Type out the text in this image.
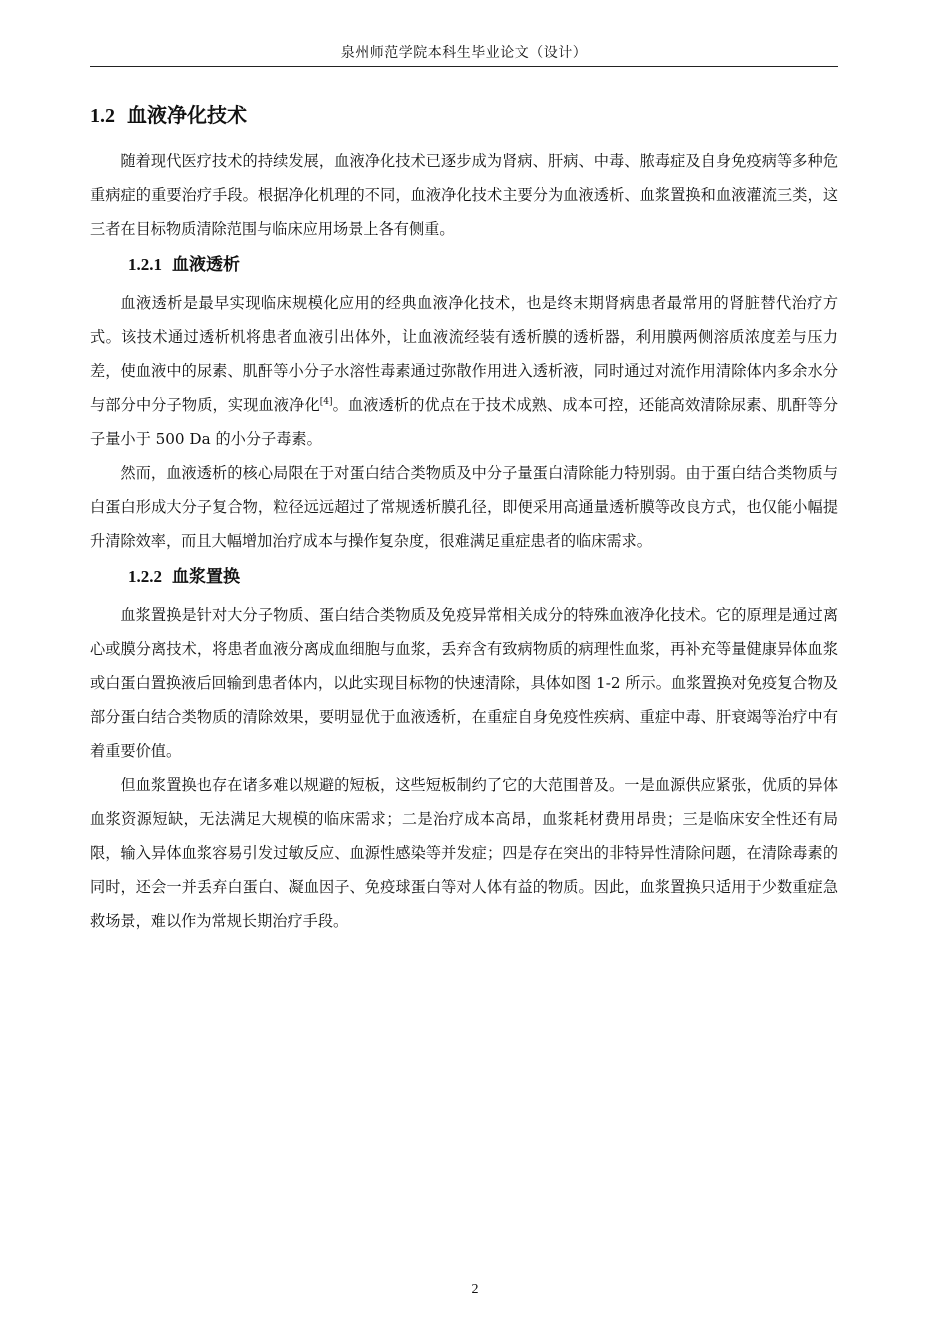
泉州师范学院本科生毕业论文（设计）
1.2 血液净化技术

随着现代医疗技术的持续发展，血液净化技术已逐步成为肾病、肝病、中毒、脓毒症及自身免疫病等多种危重病症的重要治疗手段。根据净化机理的不同，血液净化技术主要分为血液透析、血浆置换和血液灌流三类，这三者在目标物质清除范围与临床应用场景上各有侧重。

1.2.1 血液透析

血液透析是最早实现临床规模化应用的经典血液净化技术，也是终末期肾病患者最常用的肾脏替代治疗方式。该技术通过透析机将患者血液引出体外，让血液流经装有透析膜的透析器，利用膜两侧溶质浓度差与压力差，使血液中的尿素、肌酐等小分子水溶性毒素通过弥散作用进入透析液，同时通过对流作用清除体内多余水分与部分中分子物质，实现血液净化[4]。血液透析的优点在于技术成熟、成本可控，还能高效清除尿素、肌酐等分子量小于 500 Da 的小分子毒素。

然而，血液透析的核心局限在于对蛋白结合类物质及中分子量蛋白清除能力特别弱。由于蛋白结合类物质与白蛋白形成大分子复合物，粒径远远超过了常规透析膜孔径，即便采用高通量透析膜等改良方式，也仅能小幅提升清除效率，而且大幅增加治疗成本与操作复杂度，很难满足重症患者的临床需求。

1.2.2 血浆置换

血浆置换是针对大分子物质、蛋白结合类物质及免疫异常相关成分的特殊血液净化技术。它的原理是通过离心或膜分离技术，将患者血液分离成血细胞与血浆，丢弃含有致病物质的病理性血浆，再补充等量健康异体血浆或白蛋白置换液后回输到患者体内，以此实现目标物的快速清除，具体如图 1-2 所示。血浆置换对免疫复合物及部分蛋白结合类物质的清除效果，要明显优于血液透析，在重症自身免疫性疾病、重症中毒、肝衰竭等治疗中有着重要价值。

但血浆置换也存在诸多难以规避的短板，这些短板制约了它的大范围普及。一是血源供应紧张，优质的异体血浆资源短缺，无法满足大规模的临床需求；二是治疗成本高昂，血浆耗材费用昂贵；三是临床安全性还有局限，输入异体血浆容易引发过敏反应、血源性感染等并发症；四是存在突出的非特异性清除问题，在清除毒素的同时，还会一并丢弃白蛋白、凝血因子、免疫球蛋白等对人体有益的物质。因此，血浆置换只适用于少数重症急救场景，难以作为常规长期治疗手段。

2
